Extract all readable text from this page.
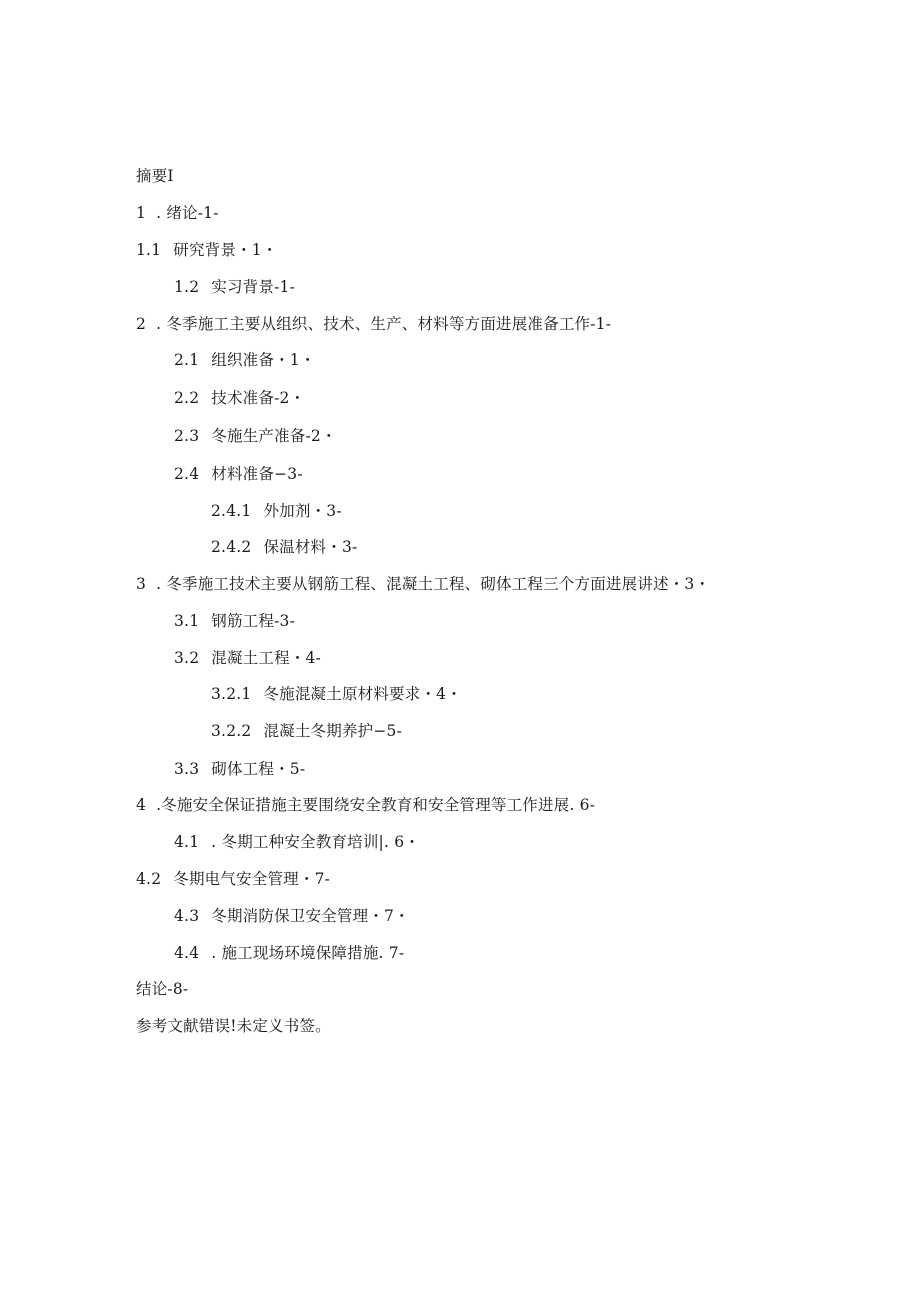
摘要I
1 . 绪论-1-
1.1 研究背景・1・
1.2 实习背景-1-
2 . 冬季施工主要从组织、技术、生产、材料等方面进展准备工作-1-
2.1 组织准备・1・
2.2 技术准备-2・
2.3 冬施生产准备-2・
2.4 材料准备−3-
2.4.1 外加剂・3-
2.4.2 保温材料・3-
3 . 冬季施工技术主要从钢筋工程、混凝土工程、砌体工程三个方面进展讲述・3・
3.1 钢筋工程-3-
3.2 混凝土工程・4-
3.2.1 冬施混凝土原材料要求・4・
3.2.2 混凝土冬期养护−5-
3.3 砌体工程・5-
4 .冬施安全保证措施主要围绕安全教育和安全管理等工作进展. 6-
4.1 . 冬期工种安全教育培训|. 6・
4.2 冬期电气安全管理・7-
4.3 冬期消防保卫安全管理・7・
4.4 . 施工现场环境保障措施. 7-
结论-8-
参考文献错误!未定义书签。
